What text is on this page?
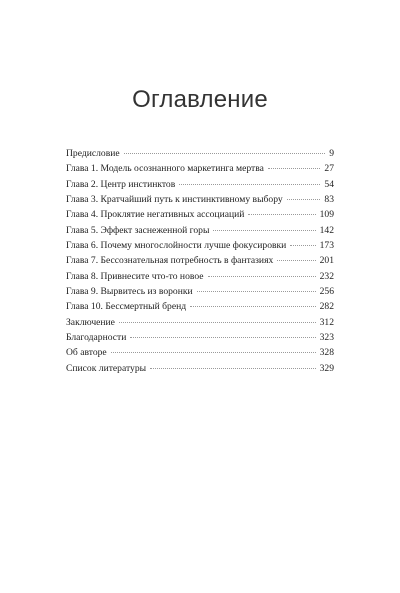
Оглавление
Предисловие	9
Глава 1. Модель осознанного маркетинга мертва	27
Глава 2. Центр инстинктов	54
Глава 3. Кратчайший путь к инстинктивному выбору	83
Глава 4. Проклятие негативных ассоциаций	109
Глава 5. Эффект заснеженной горы	142
Глава 6. Почему многослойности лучше фокусировки	173
Глава 7. Бессознательная потребность в фантазиях	201
Глава 8. Привнесите что-то новое	232
Глава 9. Вырвитесь из воронки	256
Глава 10. Бессмертный бренд	282
Заключение	312
Благодарности	323
Об авторе	328
Список литературы	329
